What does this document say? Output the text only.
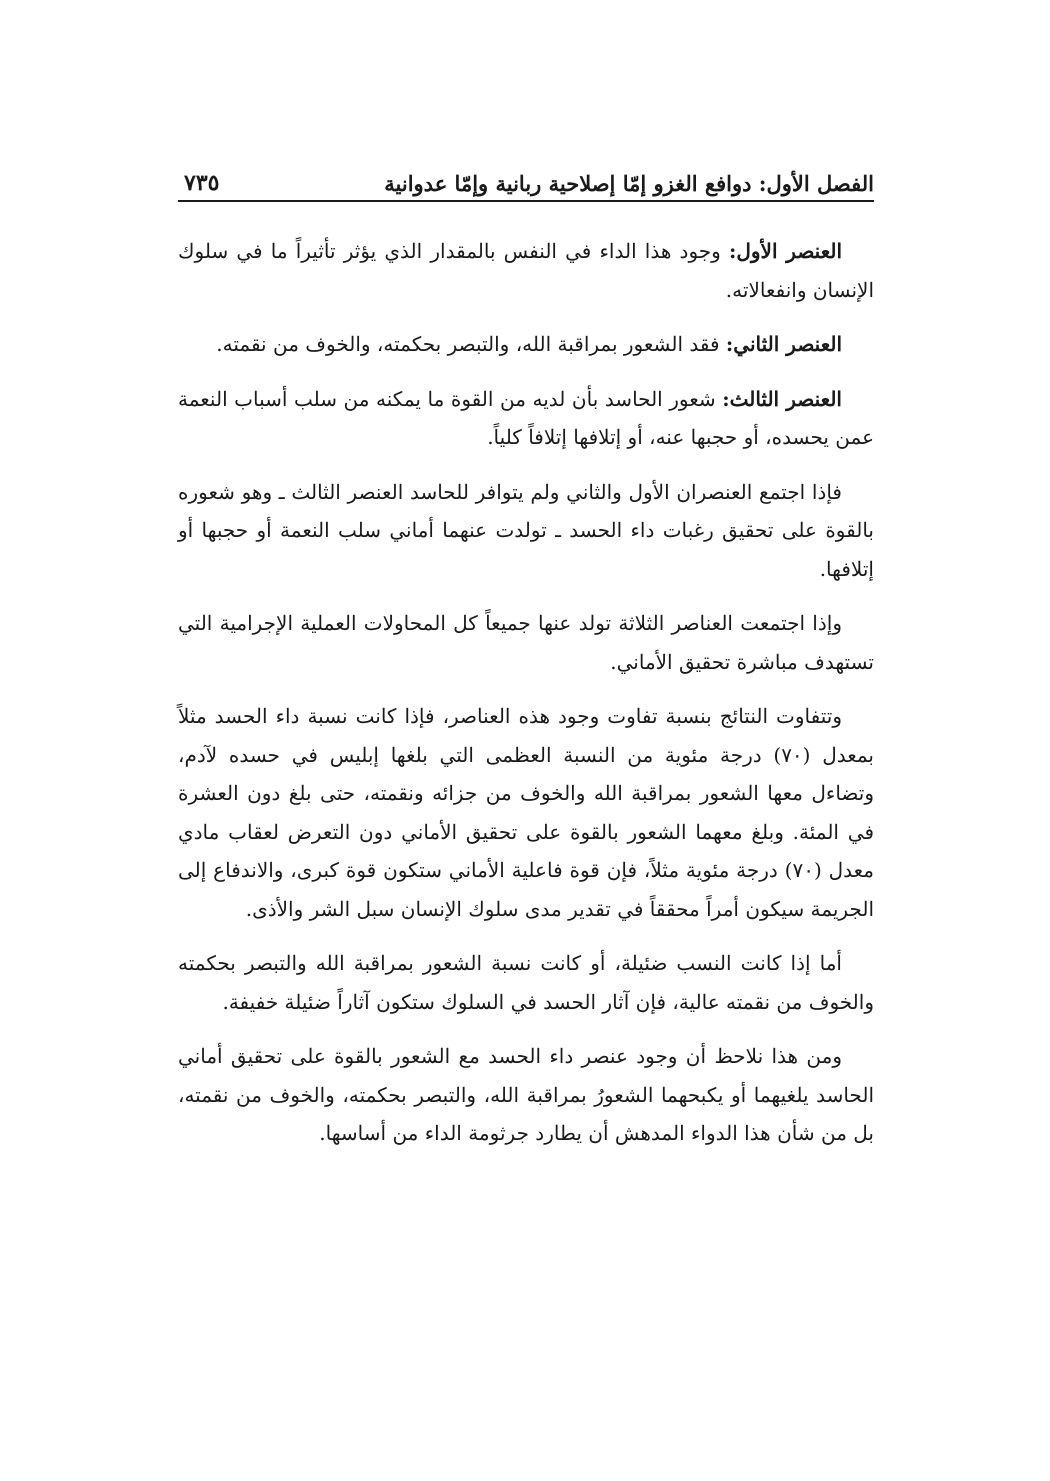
الفصل الأول: دوافع الغزو إمّا إصلاحية ربانية وإمّا عدوانية
٧٣٥

العنصر الأول: وجود هذا الداء في النفس بالمقدار الذي يؤثر تأثيراً ما في سلوك الإنسان وانفعالاته.

العنصر الثاني: فقد الشعور بمراقبة الله، والتبصر بحكمته، والخوف من نقمته.

العنصر الثالث: شعور الحاسد بأن لديه من القوة ما يمكنه من سلب أسباب النعمة عمن يحسده، أو حجبها عنه، أو إتلافها إتلافاً كلياً.

فإذا اجتمع العنصران الأول والثاني ولم يتوافر للحاسد العنصر الثالث ـ وهو شعوره بالقوة على تحقيق رغبات داء الحسد ـ تولدت عنهما أماني سلب النعمة أو حجبها أو إتلافها.

وإذا اجتمعت العناصر الثلاثة تولد عنها جميعاً كل المحاولات العملية الإجرامية التي تستهدف مباشرة تحقيق الأماني.

وتتفاوت النتائج بنسبة تفاوت وجود هذه العناصر، فإذا كانت نسبة داء الحسد مثلاً بمعدل (٧٠) درجة مئوية من النسبة العظمى التي بلغها إبليس في حسده لآدم، وتضاءل معها الشعور بمراقبة الله والخوف من جزائه ونقمته، حتى بلغ دون العشرة في المئة. وبلغ معهما الشعور بالقوة على تحقيق الأماني دون التعرض لعقاب مادي معدل (٧٠) درجة مئوية مثلاً، فإن قوة فاعلية الأماني ستكون قوة كبرى، والاندفاع إلى الجريمة سيكون أمراً محققاً في تقدير مدى سلوك الإنسان سبل الشر والأذى.

أما إذا كانت النسب ضئيلة، أو كانت نسبة الشعور بمراقبة الله والتبصر بحكمته والخوف من نقمته عالية، فإن آثار الحسد في السلوك ستكون آثاراً ضئيلة خفيفة.

ومن هذا نلاحظ أن وجود عنصر داء الحسد مع الشعور بالقوة على تحقيق أماني الحاسد يلغيهما أو يكبحهما الشعورُ بمراقبة الله، والتبصر بحكمته، والخوف من نقمته، بل من شأن هذا الدواء المدهش أن يطارد جرثومة الداء من أساسها.
